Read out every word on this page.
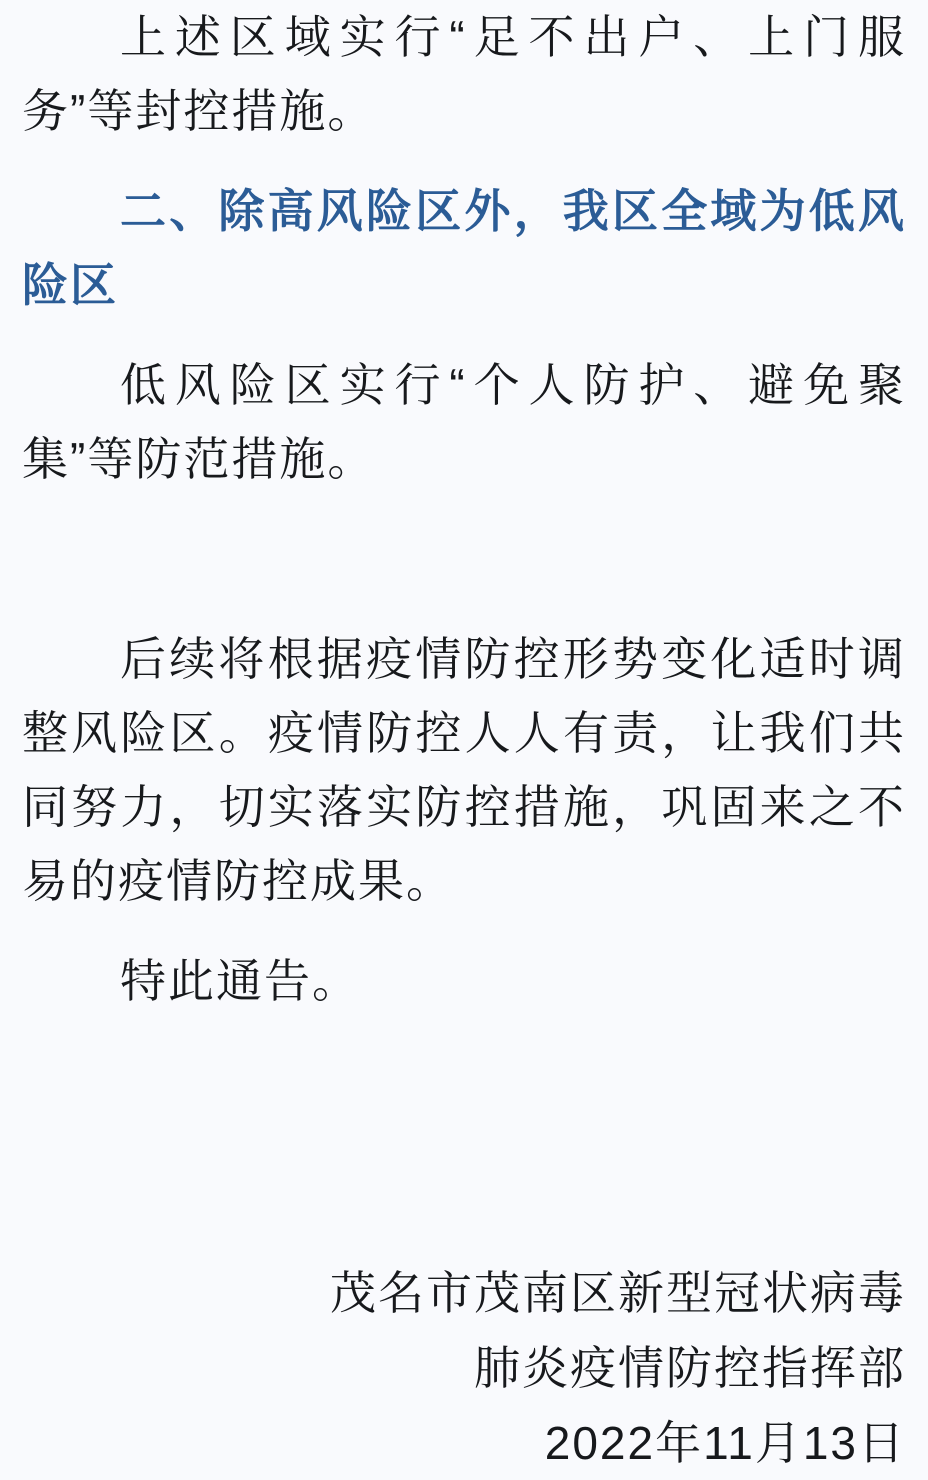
上述区域实行“足不出户、上门服
务”等封控措施。
二、除高风险区外，我区全域为低风
险区
低风险区实行“个人防护、避免聚
集”等防范措施。
后续将根据疫情防控形势变化适时调
整风险区。疫情防控人人有责，让我们共
同努力，切实落实防控措施，巩固来之不
易的疫情防控成果。
特此通告。
茂名市茂南区新型冠状病毒
肺炎疫情防控指挥部
2022年11月13日
